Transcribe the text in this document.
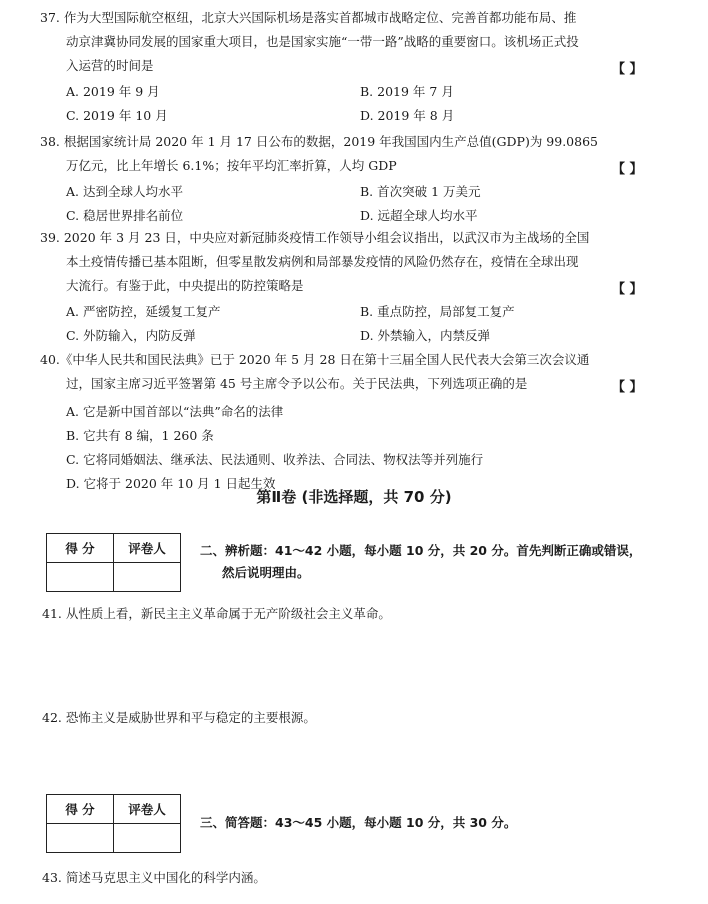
37. 作为大型国际航空枢纽，北京大兴国际机场是落实首都城市战略定位、完善首都功能布局、推
动京津冀协同发展的国家重大项目，也是国家实施“一带一路”战略的重要窗口。该机场正式投
入运营的时间是	【 】
A. 2019 年 9 月	B. 2019 年 7 月
C. 2019 年 10 月	D. 2019 年 8 月
38. 根据国家统计局 2020 年 1 月 17 日公布的数据，2019 年我国国内生产总值(GDP)为 99.0865
万亿元，比上年增长 6.1%；按年平均汇率折算，人均 GDP	【 】
A. 达到全球人均水平	B. 首次突破 1 万美元
C. 稳居世界排名前位	D. 远超全球人均水平
39. 2020 年 3 月 23 日，中央应对新冠肺炎疫情工作领导小组会议指出，以武汉市为主战场的全国
本土疫情传播已基本阻断，但零星散发病例和局部暴发疫情的风险仍然存在，疫情在全球出现
大流行。有鉴于此，中央提出的防控策略是	【 】
A. 严密防控，延缓复工复产	B. 重点防控，局部复工复产
C. 外防输入，内防反弹	D. 外禁输入，内禁反弹
40.《中华人民共和国民法典》已于 2020 年 5 月 28 日在第十三届全国人民代表大会第三次会议通
过，国家主席习近平签署第 45 号主席令予以公布。关于民法典，下列选项正确的是	【 】
A. 它是新中国首部以“法典”命名的法律
B. 它共有 8 编，1 260 条
C. 它将同婚姻法、继承法、民法通则、收养法、合同法、物权法等并列施行
D. 它将于 2020 年 10 月 1 日起生效
第Ⅱ卷 (非选择题，共 70 分)
得 分	评卷人
		二、辨析题：41～42 小题，每小题 10 分，共 20 分。首先判断正确或错误，
然后说明理由。
41. 从性质上看，新民主主义革命属于无产阶级社会主义革命。
42. 恐怖主义是威胁世界和平与稳定的主要根源。
得 分	评卷人

三、简答题：43～45 小题，每小题 10 分，共 30 分。
43. 简述马克思主义中国化的科学内涵。
